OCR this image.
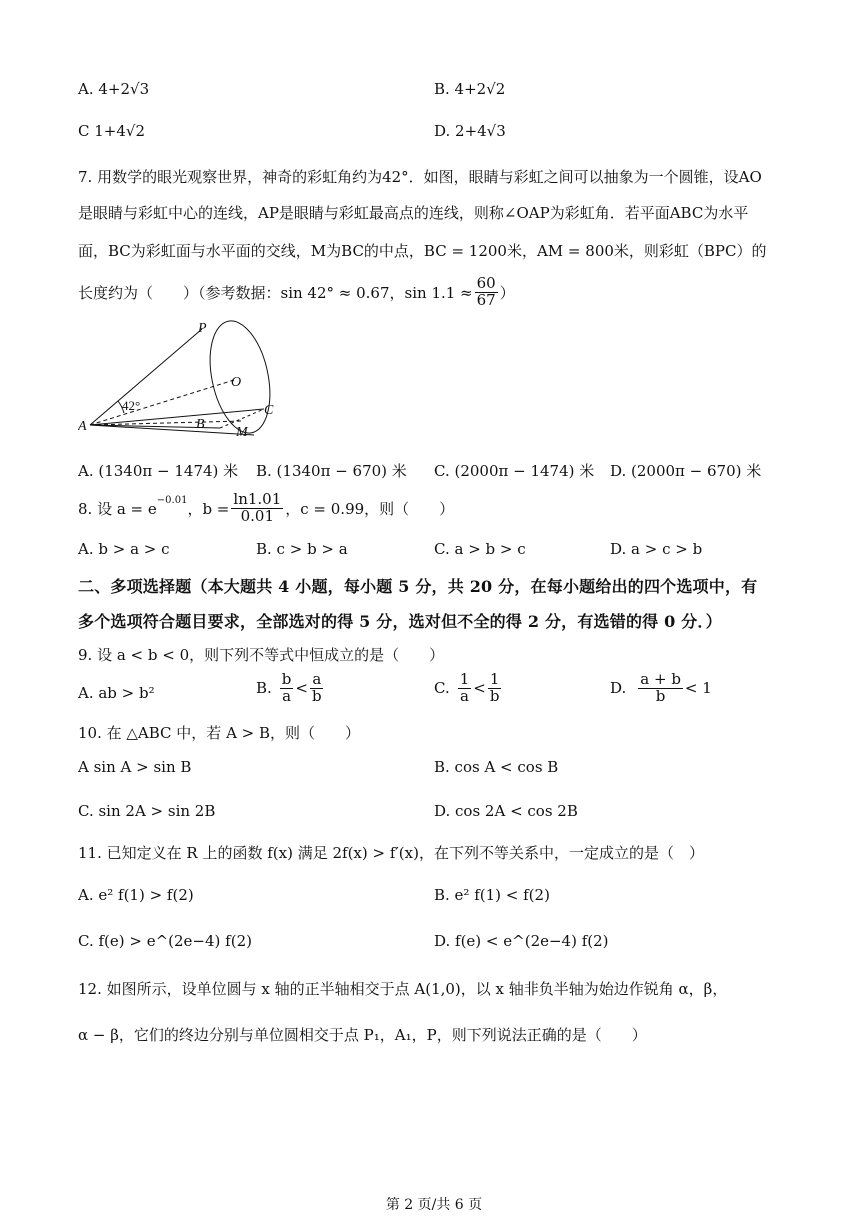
A. 4+2√3	B. 4+2√2
C 1+4√2	D. 2+4√3
7. 用数学的眼光观察世界，神奇的彩虹角约为42°．如图，眼睛与彩虹之间可以抽象为一个圆锥，设AO
是眼睛与彩虹中心的连线，AP是眼睛与彩虹最高点的连线，则称∠OAP为彩虹角．若平面ABC为水平
面，BC为彩虹面与水平面的交线，M为BC的中点，BC = 1200米，AM = 800米，则彩虹（BPC）的
长度约为（　　）（参考数据：sin 42° ≈ 0.67，$\sin 1.1 \approx \frac{60}{67}$ ）
P
O
C
A	B
M
42°
A. (1340π − 1474) 米 B. (1340π − 670) 米 C. (2000π − 1474) 米 D. (2000π − 670) 米
8. 设 $a = e^{-0.01}$ ，$b = \frac{\ln 1.01}{0.01}$ ，c = 0.99，则（　　）
A. b > a > c	B. c > b > a	C. a > b > c	D. a > c > b
二、多项选择题（本大题共 4 小题，每小题 5 分，共 20 分，在每小题给出的四个选项中，有
多个选项符合题目要求，全部选对的得 5 分，选对但不全的得 2 分，有选错的得 0 分．）
9. 设 a < b < 0，则下列不等式中恒成立的是（　　）
A. ab > b²	B. $\frac{b}{a} < \frac{a}{b}$	C. $\frac{1}{a} < \frac{1}{b}$	D. $\frac{a + b}{b} < 1$
10. 在 △ABC 中，若 A > B，则（　　）
A sin A > sin B	B. cos A < cos B
C. sin 2A > sin 2B	D. cos 2A < cos 2B
11. 已知定义在 R 上的函数 f(x) 满足 2f(x) > f′(x)，在下列不等关系中，一定成立的是（　）
A. e² f(1) > f(2)	B. e² f(1) < f(2)
C. f(e) > e^(2e−4) f(2)	D. f(e) < e^(2e−4) f(2)
12. 如图所示，设单位圆与 x 轴的正半轴相交于点 A(1,0)，以 x 轴非负半轴为始边作锐角 α，β，
α − β，它们的终边分别与单位圆相交于点 P₁，A₁，P，则下列说法正确的是（　　）
第 2 页/共 6 页
